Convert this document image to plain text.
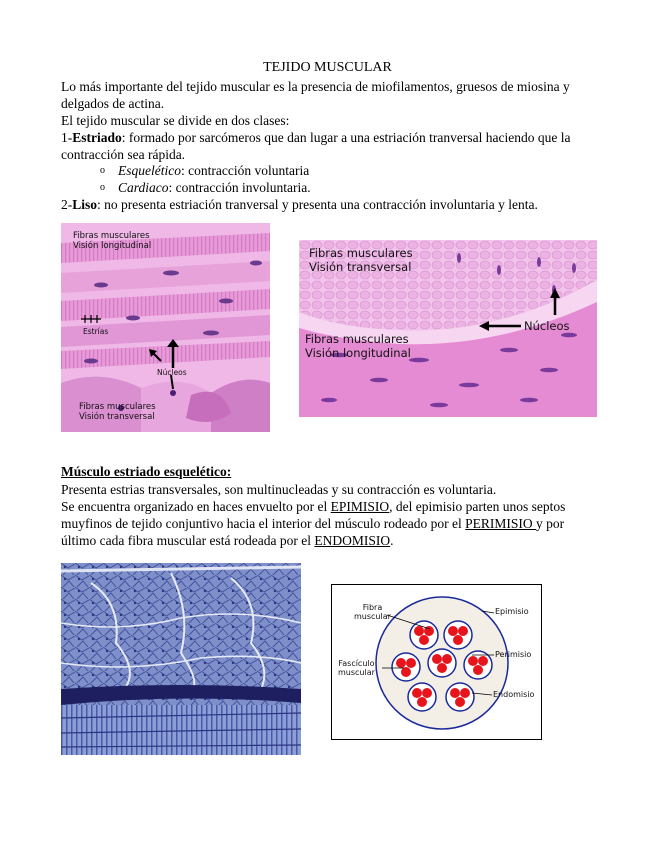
TEJIDO MUSCULAR
Lo más importante del tejido muscular es la presencia de miofilamentos, gruesos de miosina y
delgados de actina.
El tejido muscular se divide en dos clases:
1-Estriado: formado por sarcómeros que dan lugar a una estriación tranversal haciendo que la
contracción sea rápida.
o Esquelético: contracción voluntaria
o Cardiaco: contracción involuntaria.
2-Liso: no presenta estriación tranversal y presenta una contracción involuntaria y lenta.
Fibras musculares
Visión longitudinal
Estrías
Núcleos
Fibras musculares
Visión transversal
Fibras musculares
Visión transversal
Núcleos
Fibras musculares
Visión longitudinal
Músculo estriado esquelético:
Presenta estrias transversales, son multinucleadas y su contracción es voluntaria.
Se encuentra organizado en haces envuelto por el EPIMISIO, del epimisio parten unos septos
muyfinos de tejido conjuntivo hacia el interior del músculo rodeado por el PERIMISIO y por
último cada fibra muscular está rodeada por el ENDOMISIO.
Fibra
muscular
Fascículo
muscular
Epimisio
Perimisio
Endomisio
